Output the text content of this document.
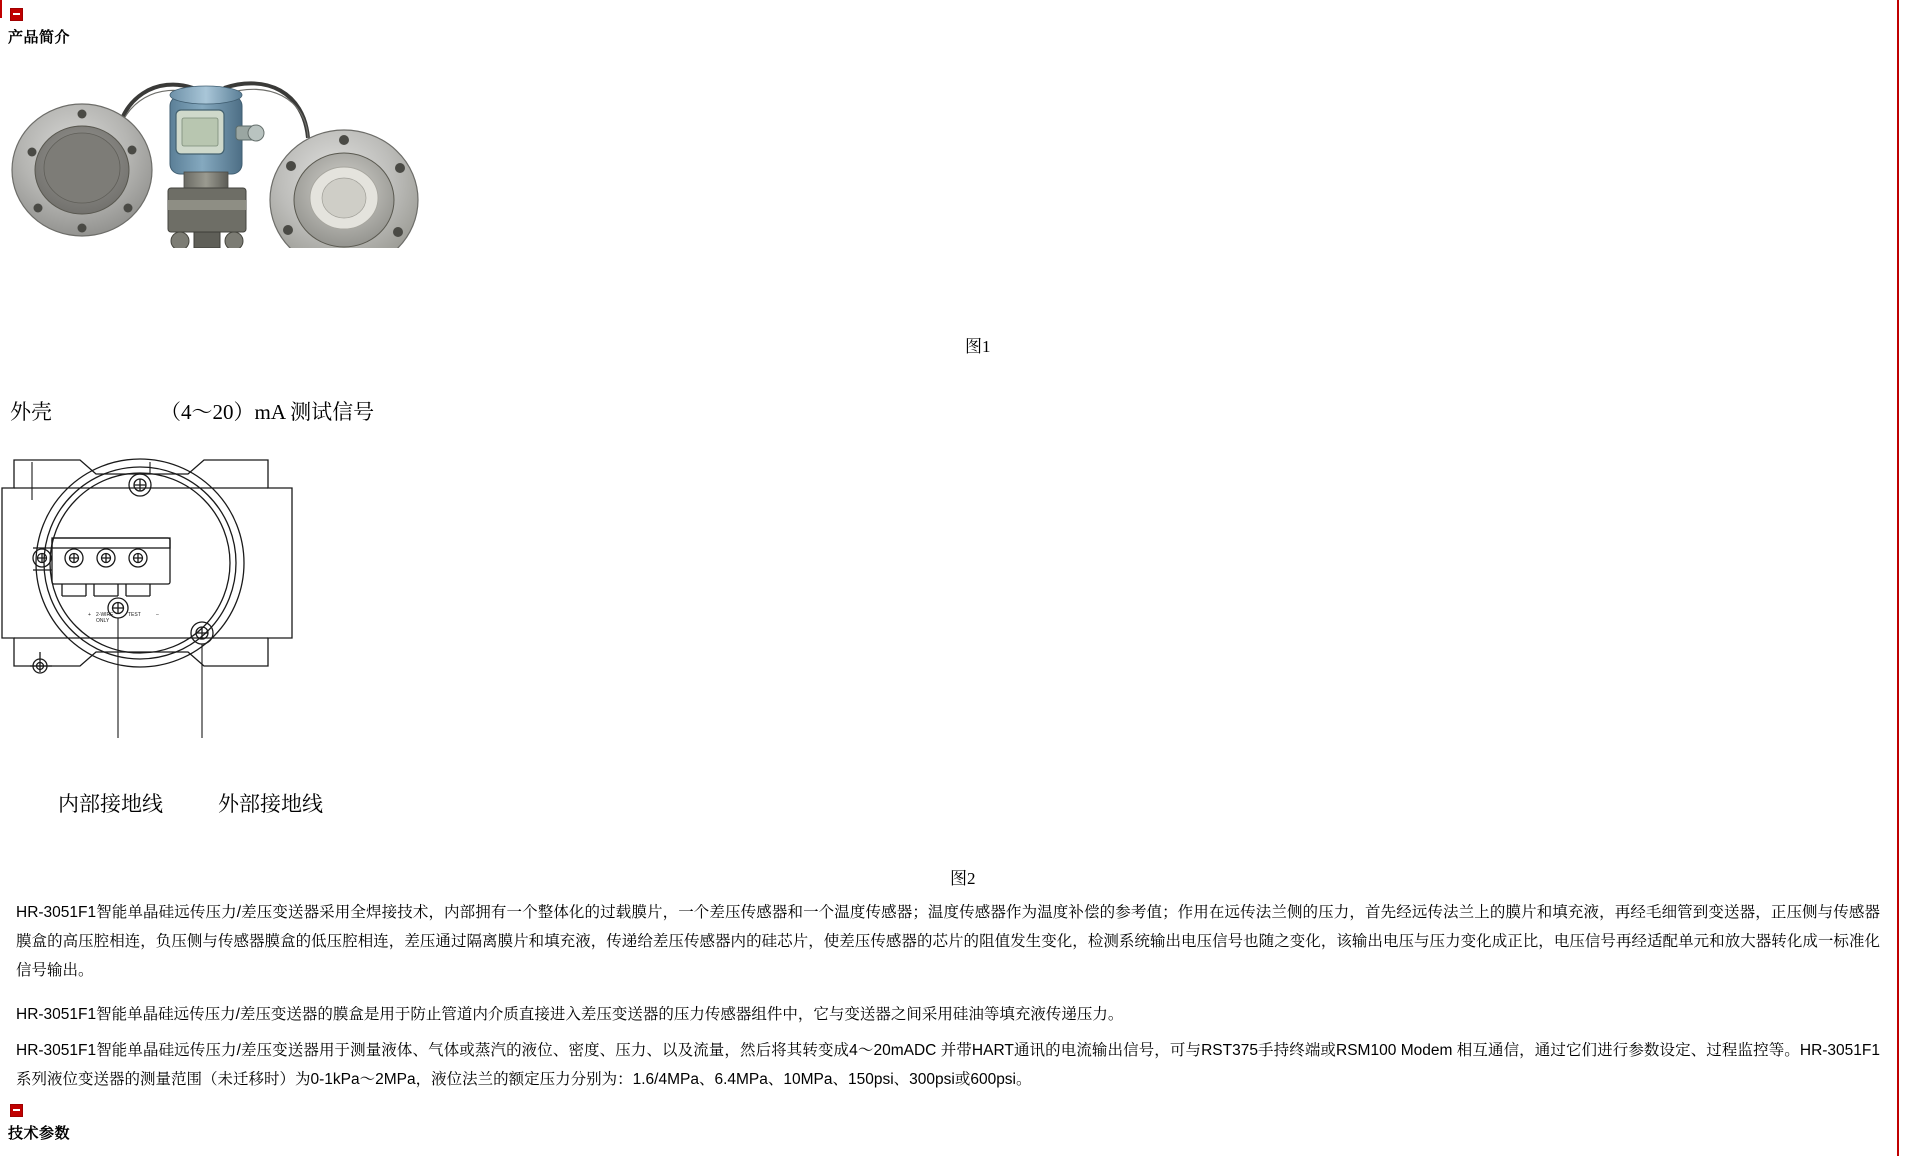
产品简介
图1
外壳	（4～20）mA 测试信号
内部接地线	外部接地线
+ 2-WIRE
ONLY
TEST	–
图2
HR-3051F1智能单晶硅远传压力/差压变送器采用全焊接技术，内部拥有一个整体化的过载膜片，一个差压传感器和一个温度传感器；温度传感器作为温度补偿的参考值；作用在远传法兰侧的压力，首先经远传法兰上的膜片和填充液，再经毛细管到变送器，正压侧与传感器膜盒的高压腔相连，负压侧与传感器膜盒的低压腔相连，差压通过隔离膜片和填充液，传递给差压传感器内的硅芯片，使差压传感器的芯片的阻值发生变化，检测系统输出电压信号也随之变化，该输出电压与压力变化成正比，电压信号再经适配单元和放大器转化成一标准化信号输出。
HR-3051F1智能单晶硅远传压力/差压变送器的膜盒是用于防止管道内介质直接进入差压变送器的压力传感器组件中，它与变送器之间采用硅油等填充液传递压力。
HR-3051F1智能单晶硅远传压力/差压变送器用于测量液体、气体或蒸汽的液位、密度、压力、以及流量，然后将其转变成4～20mADC 并带HART通讯的电流输出信号，可与RST375手持终端或RSM100 Modem 相互通信，通过它们进行参数设定、过程监控等。HR-3051F1系列液位变送器的测量范围（未迁移时）为0-1kPa～2MPa，液位法兰的额定压力分别为：1.6/4MPa、6.4MPa、10MPa、150psi、300psi或600psi。
技术参数
